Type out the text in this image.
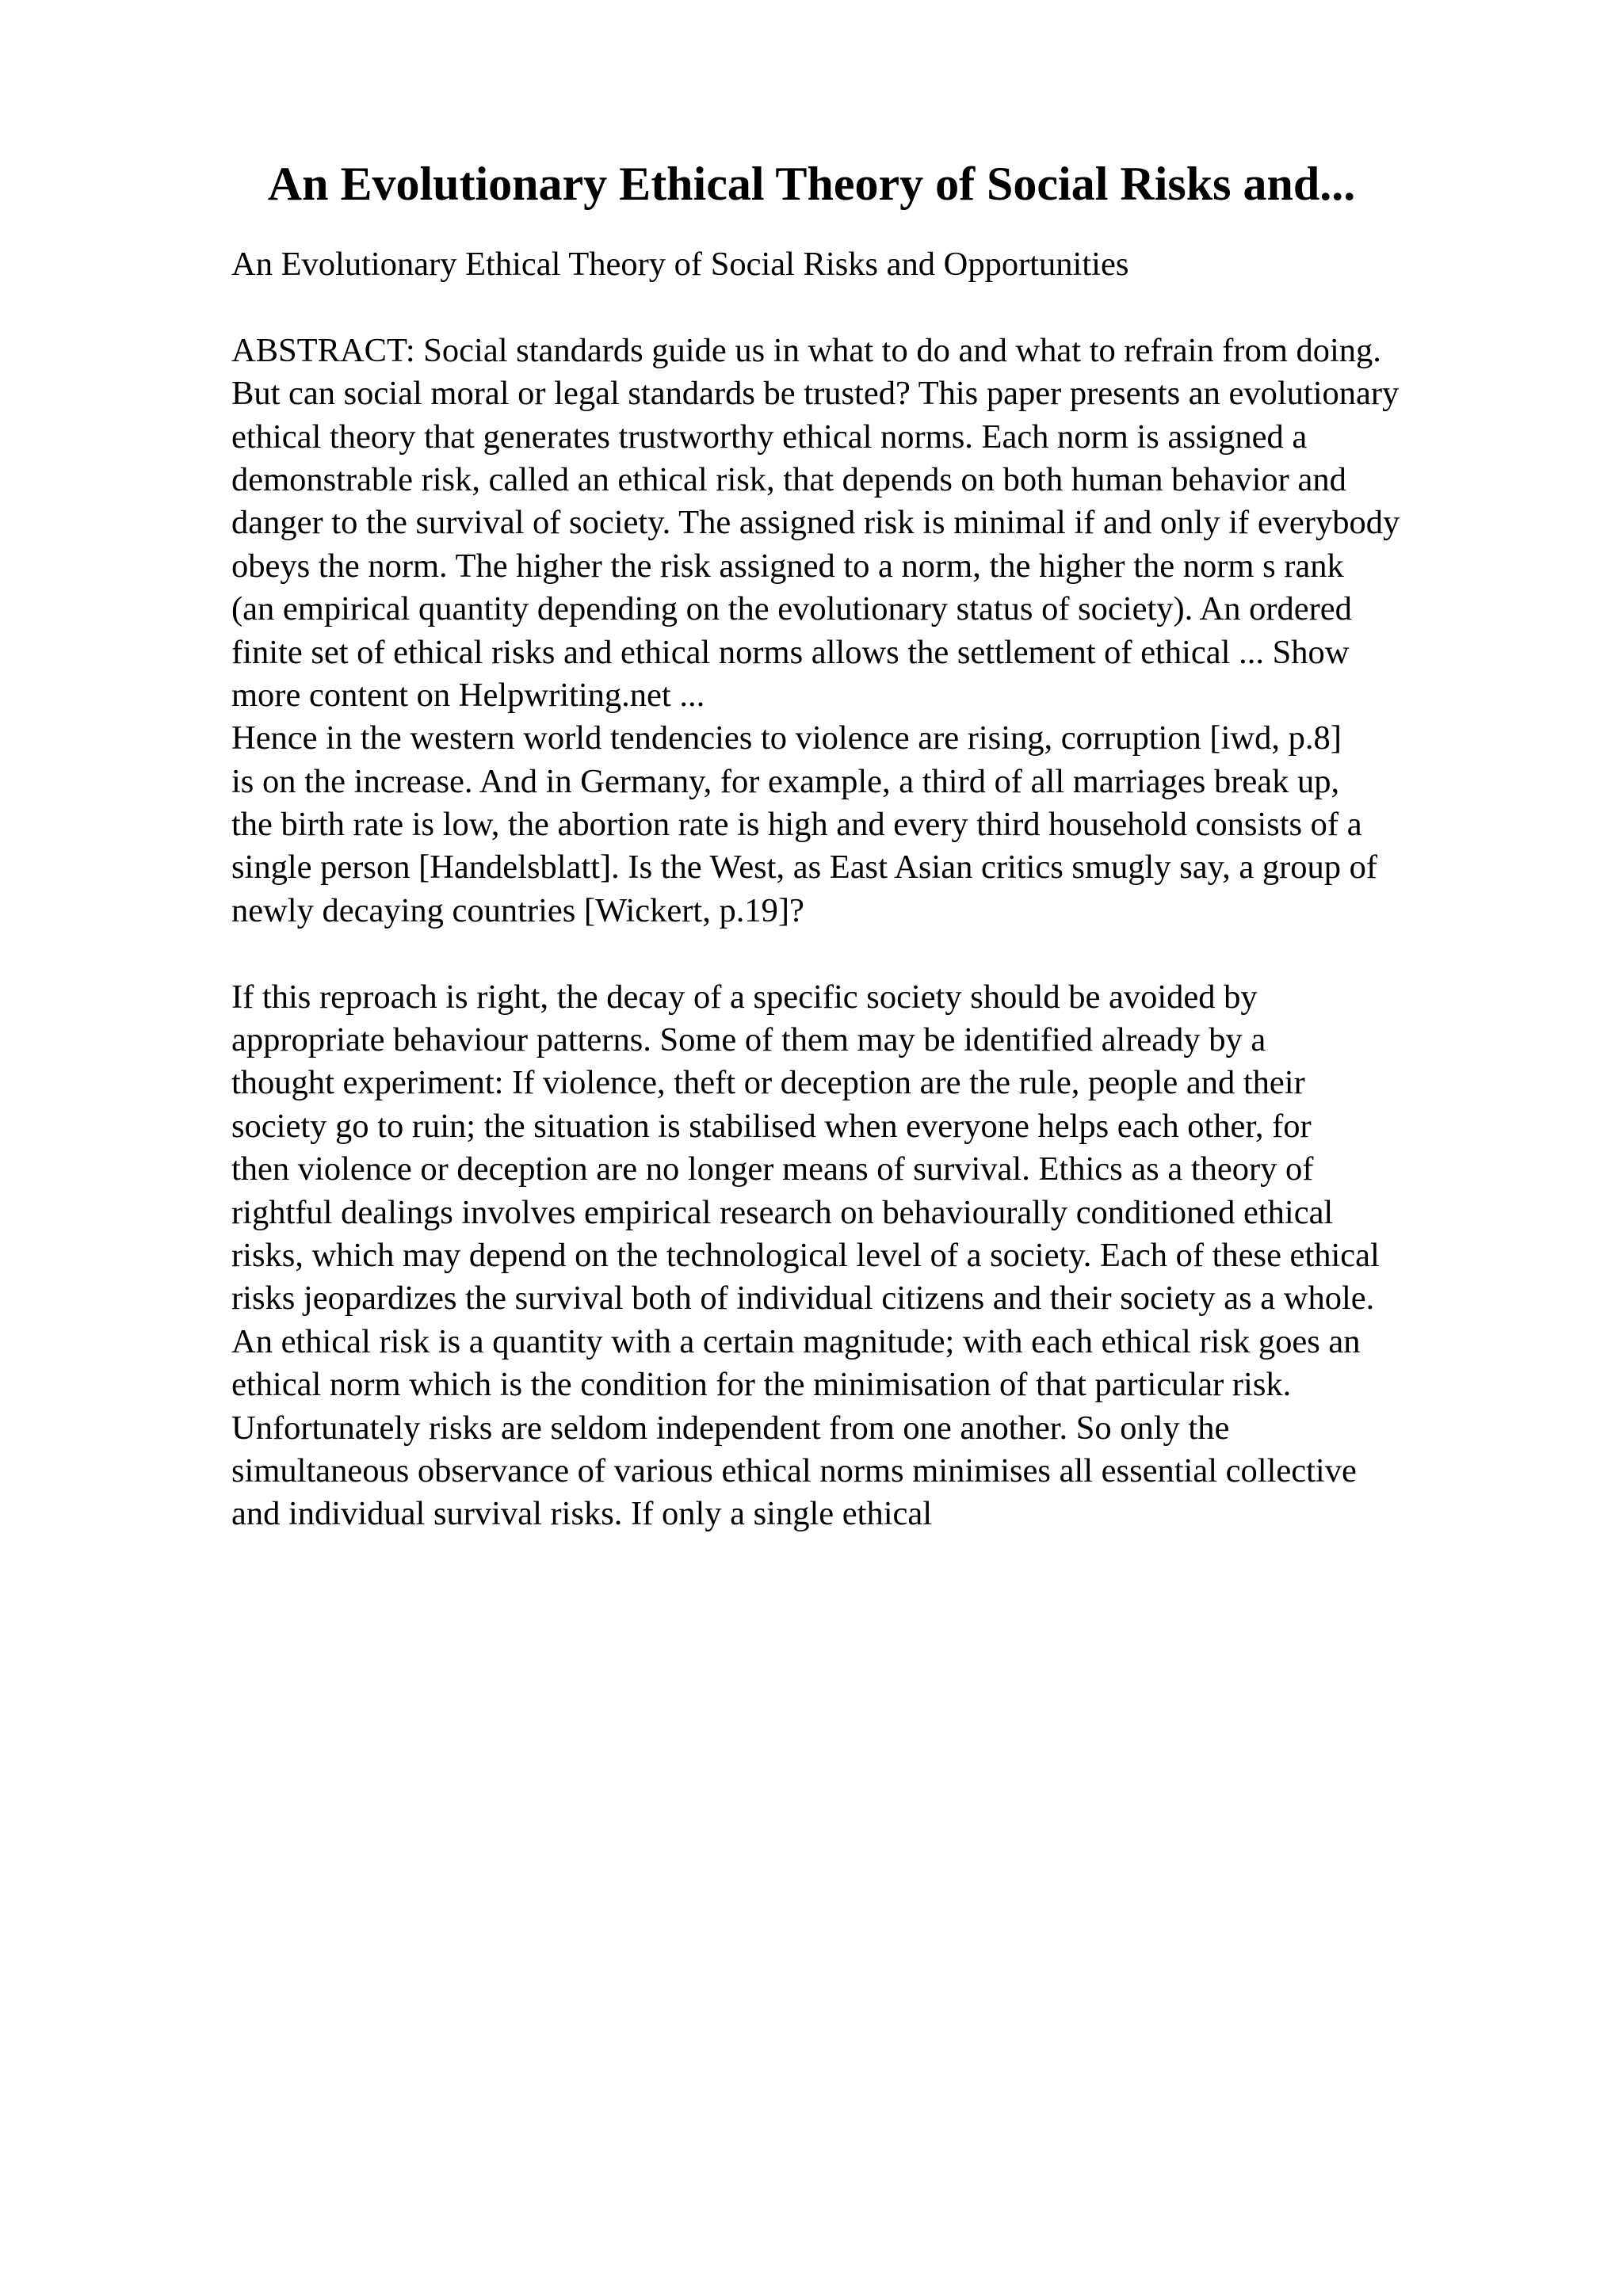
An Evolutionary Ethical Theory of Social Risks and...
An Evolutionary Ethical Theory of Social Risks and Opportunities
ABSTRACT: Social standards guide us in what to do and what to refrain from doing.
But can social moral or legal standards be trusted? This paper presents an evolutionary
ethical theory that generates trustworthy ethical norms. Each norm is assigned a
demonstrable risk, called an ethical risk, that depends on both human behavior and
danger to the survival of society. The assigned risk is minimal if and only if everybody
obeys the norm. The higher the risk assigned to a norm, the higher the norm s rank
(an empirical quantity depending on the evolutionary status of society). An ordered
finite set of ethical risks and ethical norms allows the settlement of ethical ... Show
more content on Helpwriting.net ...
Hence in the western world tendencies to violence are rising, corruption [iwd, p.8]
is on the increase. And in Germany, for example, a third of all marriages break up,
the birth rate is low, the abortion rate is high and every third household consists of a
single person [Handelsblatt]. Is the West, as East Asian critics smugly say, a group of
newly decaying countries [Wickert, p.19]?
If this reproach is right, the decay of a specific society should be avoided by
appropriate behaviour patterns. Some of them may be identified already by a
thought experiment: If violence, theft or deception are the rule, people and their
society go to ruin; the situation is stabilised when everyone helps each other, for
then violence or deception are no longer means of survival. Ethics as a theory of
rightful dealings involves empirical research on behaviourally conditioned ethical
risks, which may depend on the technological level of a society. Each of these ethical
risks jeopardizes the survival both of individual citizens and their society as a whole.
An ethical risk is a quantity with a certain magnitude; with each ethical risk goes an
ethical norm which is the condition for the minimisation of that particular risk.
Unfortunately risks are seldom independent from one another. So only the
simultaneous observance of various ethical norms minimises all essential collective
and individual survival risks. If only a single ethical
